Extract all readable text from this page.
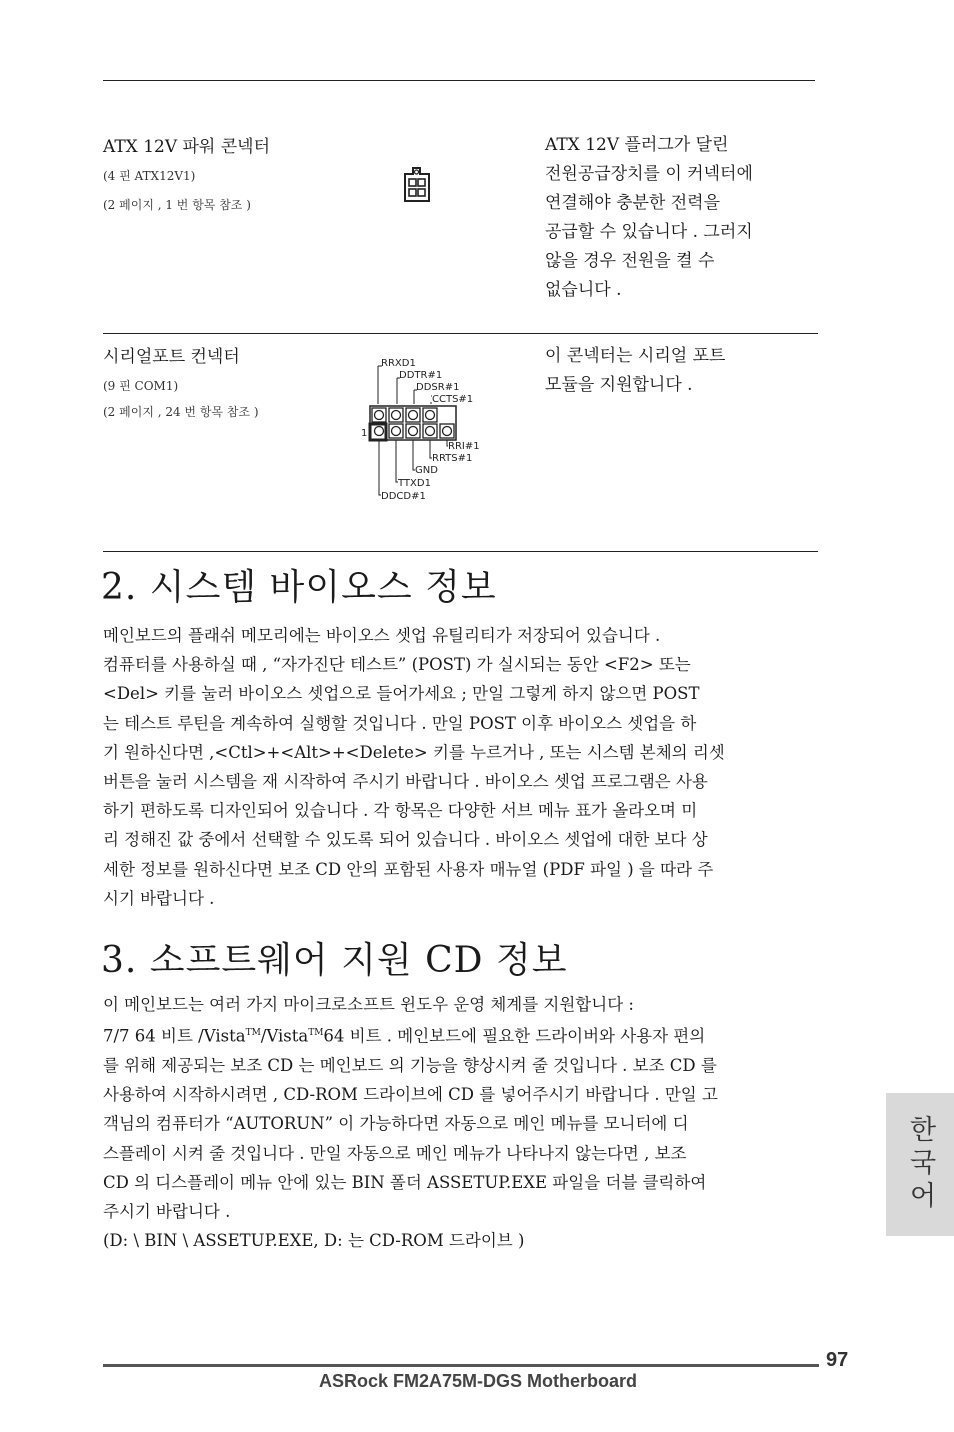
ATX 12V 파워 콘넥터
(4 핀 ATX12V1)
(2 페이지 , 1 번 항목 참조 )
ATX 12V 플러그가 달린
전원공급장치를 이 커넥터에
연결해야 충분한 전력을
공급할 수 있습니다 . 그러지
않을 경우 전원을 켤 수
없습니다 .
시리얼포트 컨넥터
(9 핀 COM1)
(2 페이지 , 24 번 항목 참조 )
RRXD1
DDTR#1
DDSR#1
CCTS#1
1
RRI#1
RRTS#1
GND
TTXD1
DDCD#1
이 콘넥터는 시리얼 포트
모듈을 지원합니다 .
2. 시스템 바이오스 정보
메인보드의 플래쉬 메모리에는 바이오스 셋업 유틸리티가 저장되어 있습니다 .
컴퓨터를 사용하실 때 , “자가진단 테스트” (POST) 가 실시되는 동안 <F2> 또는
<Del> 키를 눌러 바이오스 셋업으로 들어가세요 ; 만일 그렇게 하지 않으면 POST
는 테스트 루틴을 계속하여 실행할 것입니다 . 만일 POST 이후 바이오스 셋업을 하
기 원하신다면 ,<Ctl>+<Alt>+<Delete> 키를 누르거나 , 또는 시스템 본체의 리셋
버튼을 눌러 시스템을 재 시작하여 주시기 바랍니다 . 바이오스 셋업 프로그램은 사용
하기 편하도록 디자인되어 있습니다 . 각 항목은 다양한 서브 메뉴 표가 올라오며 미
리 정해진 값 중에서 선택할 수 있도록 되어 있습니다 . 바이오스 셋업에 대한 보다 상
세한 정보를 원하신다면 보조 CD 안의 포함된 사용자 매뉴얼 (PDF 파일 ) 을 따라 주
시기 바랍니다 .
3. 소프트웨어 지원 CD 정보
이 메인보드는 여러 가지 마이크로소프트 윈도우 운영 체계를 지원합니다 :
7/7 64 비트 /Vista™/Vista™64 비트 . 메인보드에 필요한 드라이버와 사용자 편의
를 위해 제공되는 보조 CD 는 메인보드 의 기능을 향상시켜 줄 것입니다 . 보조 CD 를
사용하여 시작하시려면 , CD-ROM 드라이브에 CD 를 넣어주시기 바랍니다 . 만일 고
객님의 컴퓨터가 “AUTORUN” 이 가능하다면 자동으로 메인 메뉴를 모니터에 디
스플레이 시켜 줄 것입니다 . 만일 자동으로 메인 메뉴가 나타나지 않는다면 , 보조
CD 의 디스플레이 메뉴 안에 있는 BIN 폴더 ASSETUP.EXE 파일을 더블 클릭하여
주시기 바랍니다 .
(D: \ BIN \ ASSETUP.EXE, D: 는 CD-ROM 드라이브 )
한국어
97
ASRock FM2A75M-DGS Motherboard
